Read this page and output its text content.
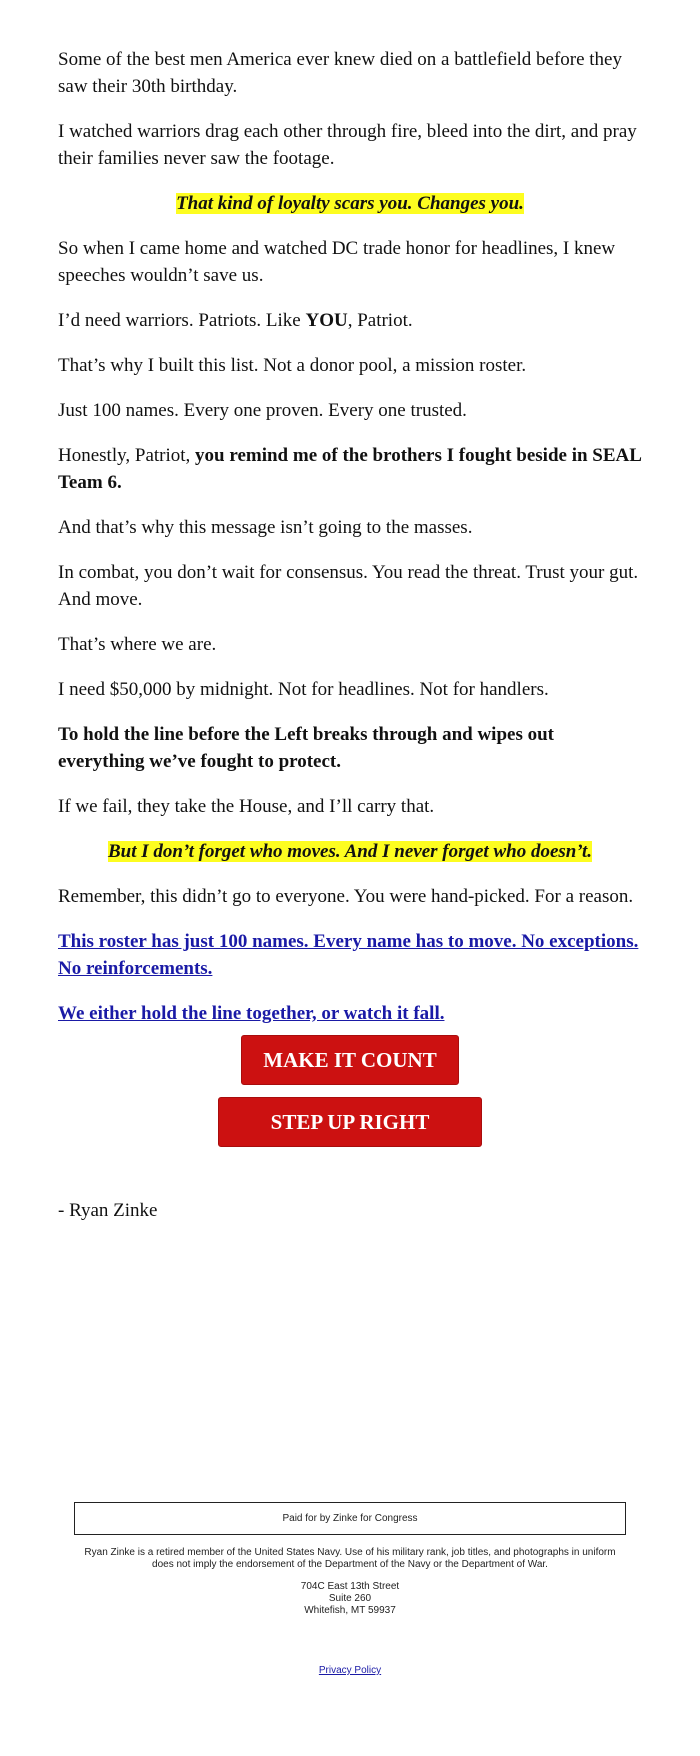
Some of the best men America ever knew died on a battlefield before they saw their 30th birthday.

I watched warriors drag each other through fire, bleed into the dirt, and pray their families never saw the footage.

That kind of loyalty scars you. Changes you.

So when I came home and watched DC trade honor for headlines, I knew speeches wouldn’t save us.

I’d need warriors. Patriots. Like YOU, Patriot.

That’s why I built this list. Not a donor pool, a mission roster.

Just 100 names. Every one proven. Every one trusted.

Honestly, Patriot, you remind me of the brothers I fought beside in SEAL Team 6.

And that’s why this message isn’t going to the masses.

In combat, you don’t wait for consensus. You read the threat. Trust your gut. And move.

That’s where we are.

I need $50,000 by midnight. Not for headlines. Not for handlers.

To hold the line before the Left breaks through and wipes out everything we’ve fought to protect.

If we fail, they take the House, and I’ll carry that.

But I don’t forget who moves. And I never forget who doesn’t.

Remember, this didn’t go to everyone. You were hand-picked. For a reason.

This roster has just 100 names. Every name has to move. No exceptions. No reinforcements.

We either hold the line together, or watch it fall.

MAKE IT COUNT
STEP UP RIGHT NOW!

- Ryan Zinke

Paid for by Zinke for Congress

Ryan Zinke is a retired member of the United States Navy. Use of his military rank, job titles, and photographs in uniform does not imply the endorsement of the Department of the Navy or the Department of War.

704C East 13th Street

Suite 260

Whitefish, MT 59937

Privacy Policy
